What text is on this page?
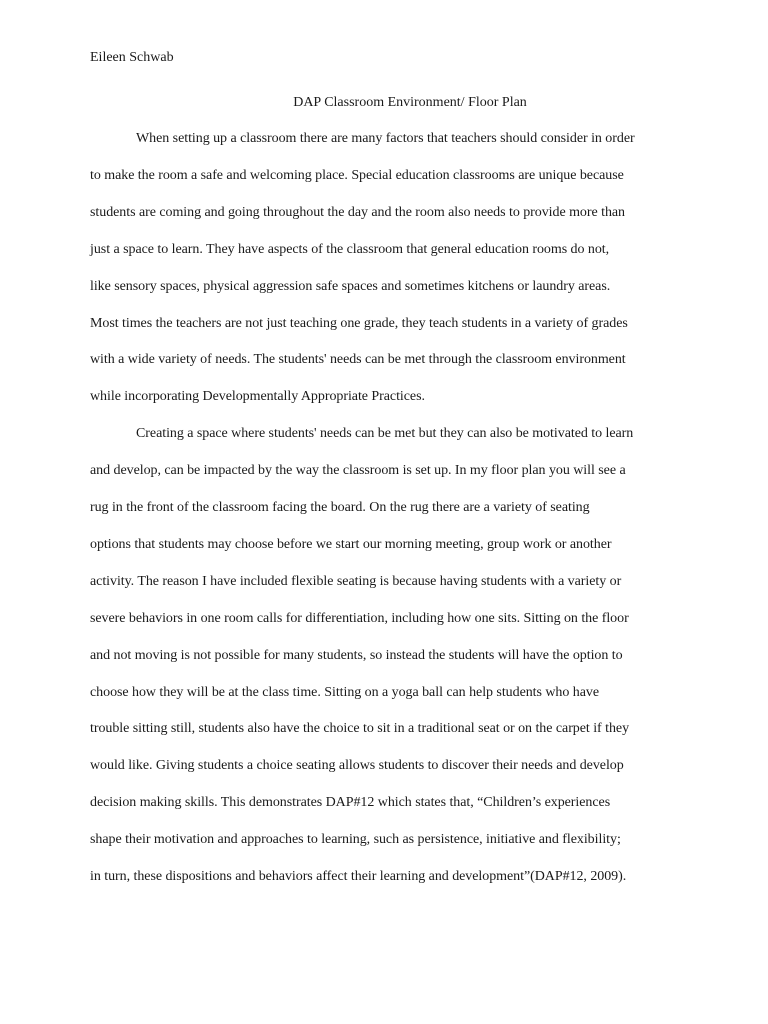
Eileen Schwab
DAP Classroom Environment/ Floor Plan
When setting up a classroom there are many factors that teachers should consider in order
to make the room a safe and welcoming place. Special education classrooms are unique because
students are coming and going throughout the day and the room also needs to provide more than
just a space to learn. They have aspects of the classroom that general education rooms do not,
like sensory spaces, physical aggression safe spaces and sometimes kitchens or laundry areas.
Most times the teachers are not just teaching one grade, they teach students in a variety of grades
with a wide variety of needs. The students' needs can be met through the classroom environment
while incorporating Developmentally Appropriate Practices.
Creating a space where students' needs can be met but they can also be motivated to learn
and develop, can be impacted by the way the classroom is set up. In my floor plan you will see a
rug in the front of the classroom facing the board. On the rug there are a variety of seating
options that students may choose before we start our morning meeting, group work or another
activity. The reason I have included flexible seating is because having students with a variety or
severe behaviors in one room calls for differentiation, including how one sits. Sitting on the floor
and not moving is not possible for many students, so instead the students will have the option to
choose how they will be at the class time. Sitting on a yoga ball can help students who have
trouble sitting still, students also have the choice to sit in a traditional seat or on the carpet if they
would like. Giving students a choice seating allows students to discover their needs and develop
decision making skills. This demonstrates DAP#12 which states that, “Children’s experiences
shape their motivation and approaches to learning, such as persistence, initiative and flexibility;
in turn, these dispositions and behaviors affect their learning and development”(DAP#12, 2009).
